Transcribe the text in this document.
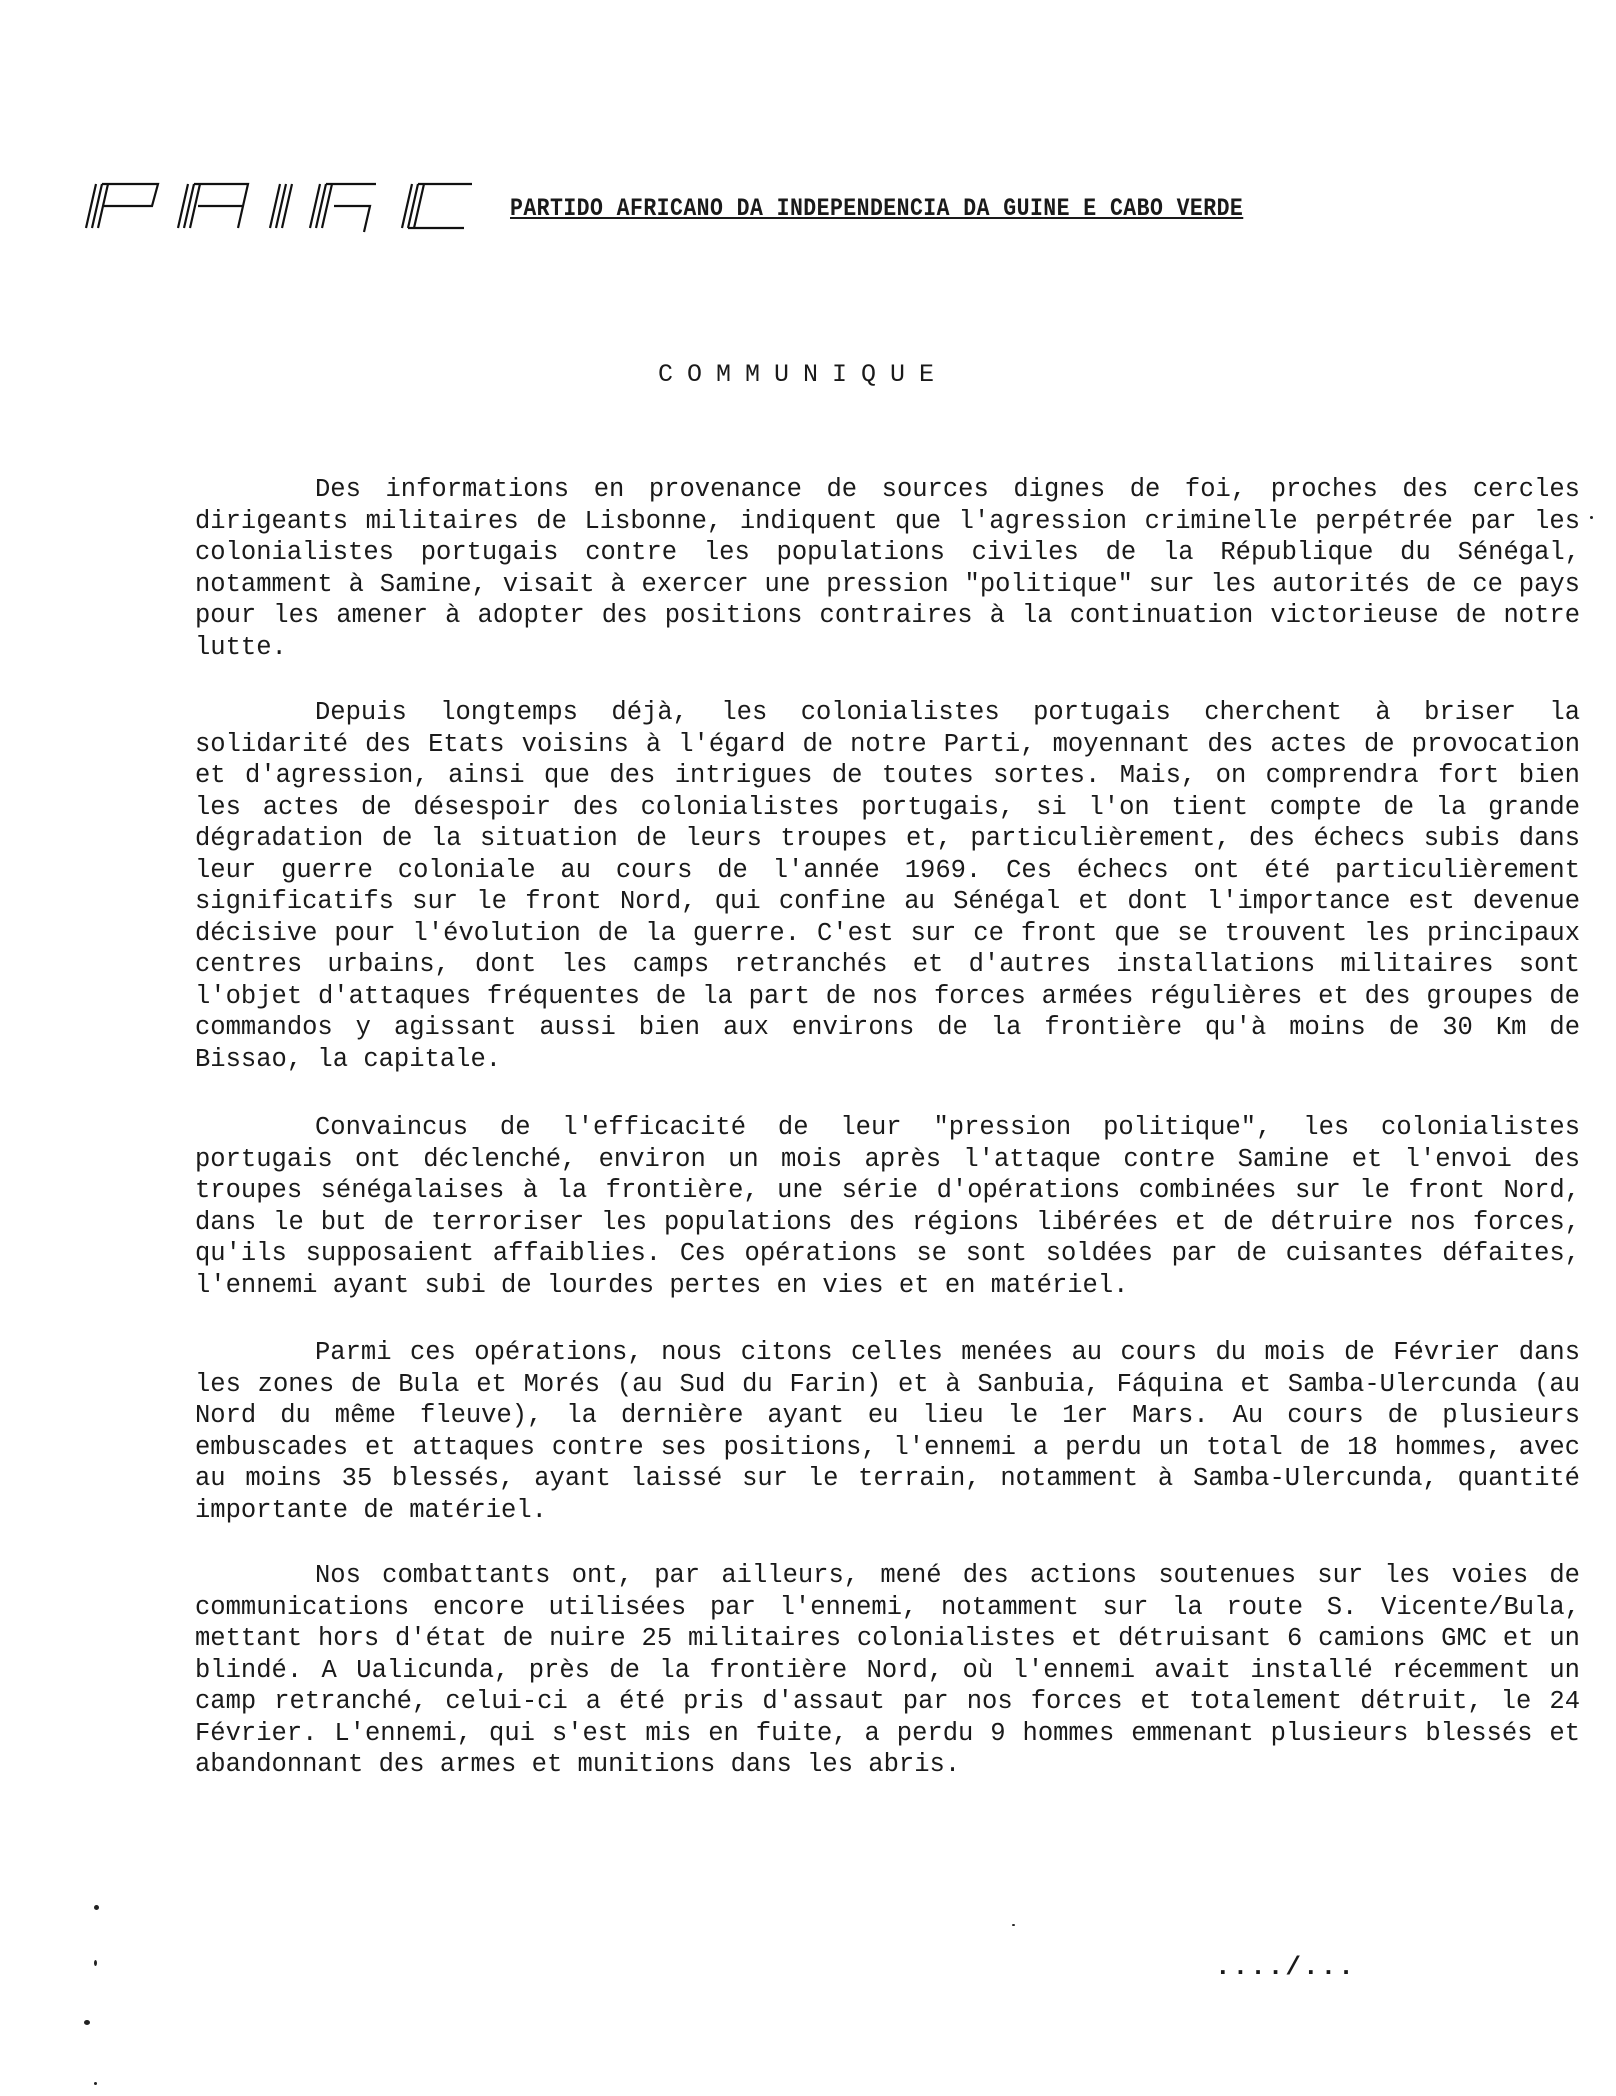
PARTIDO AFRICANO DA INDEPENDENCIA DA GUINE E CABO VERDE
COMMUNIQUE

Des informations en provenance de sources dignes de foi, proches des cercles dirigeants militaires de Lisbonne, indiquent que l'agression criminelle perpétrée par les colonialistes portugais contre les populations civiles de la République du Sénégal, notamment à Samine, visait à exercer une pression "politique" sur les autorités de ce pays pour les amener à adopter des positions contraires à la continuation victorieuse de notre lutte.

Depuis longtemps déjà, les colonialistes portugais cherchent à briser la solidarité des Etats voisins à l'égard de notre Parti, moyennant des actes de provocation et d'agression, ainsi que des intrigues de toutes sortes. Mais, on comprendra fort bien les actes de désespoir des colonialistes portugais, si l'on tient compte de la grande dégradation de la situation de leurs troupes et, particulièrement, des échecs subis dans leur guerre coloniale au cours de l'année 1969. Ces échecs ont été particulièrement significatifs sur le front Nord, qui confine au Sénégal et dont l'importance est devenue décisive pour l'évolution de la guerre. C'est sur ce front que se trouvent les principaux centres urbains, dont les camps retranchés et d'autres installations militaires sont l'objet d'attaques fréquentes de la part de nos forces armées régulières et des groupes de commandos y agissant aussi bien aux environs de la frontière qu'à moins de 30 Km de Bissao, la capitale.

Convaincus de l'efficacité de leur "pression politique", les colonialistes portugais ont déclenché, environ un mois après l'attaque contre Samine et l'envoi des troupes sénégalaises à la frontière, une série d'opérations combinées sur le front Nord, dans le but de terroriser les populations des régions libérées et de détruire nos forces, qu'ils supposaient affaiblies. Ces opérations se sont soldées par de cuisantes défaites, l'ennemi ayant subi de lourdes pertes en vies et en matériel.

Parmi ces opérations, nous citons celles menées au cours du mois de Février dans les zones de Bula et Morés (au Sud du Farin) et à Sanbuia, Fáquina et Samba-Ulercunda (au Nord du même fleuve), la dernière ayant eu lieu le 1er Mars. Au cours de plusieurs embuscades et attaques contre ses positions, l'ennemi a perdu un total de 18 hommes, avec au moins 35 blessés, ayant laissé sur le terrain, notamment à Samba-Ulercunda, quantité importante de matériel.

Nos combattants ont, par ailleurs, mené des actions soutenues sur les voies de communications encore utilisées par l'ennemi, notamment sur la route S. Vicente/Bula, mettant hors d'état de nuire 25 militaires colonialistes et détruisant 6 camions GMC et un blindé. A Ualicunda, près de la frontière Nord, où l'ennemi avait installé récemment un camp retranché, celui-ci a été pris d'assaut par nos forces et totalement détruit, le 24 Février. L'ennemi, qui s'est mis en fuite, a perdu 9 hommes emmenant plusieurs blessés et abandonnant des armes et munitions dans les abris.

..../...
